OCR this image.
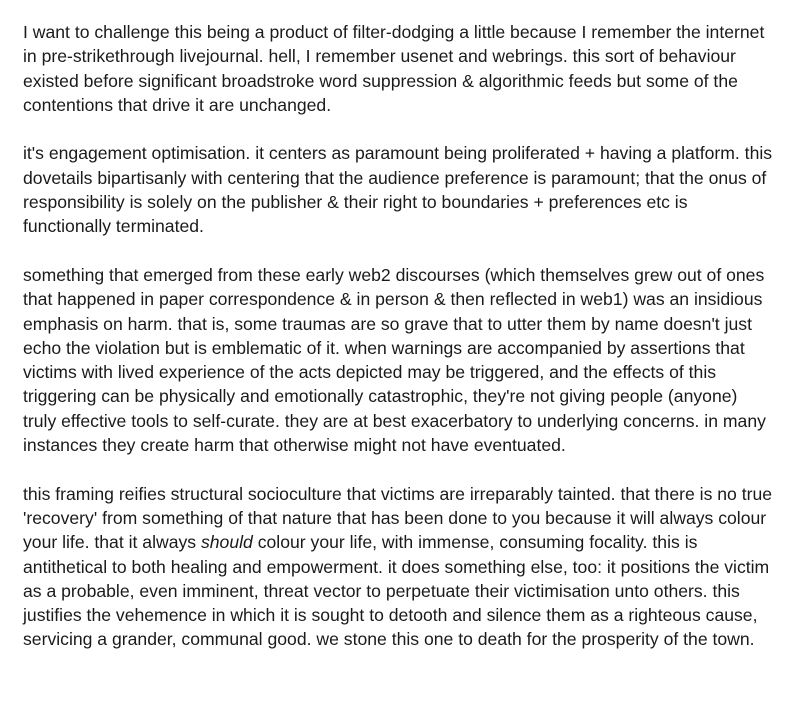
I want to challenge this being a product of filter-dodging a little because I remember the internet in pre-strikethrough livejournal. hell, I remember usenet and webrings. this sort of behaviour existed before significant broadstroke word suppression & algorithmic feeds but some of the contentions that drive it are unchanged.

it's engagement optimisation. it centers as paramount being proliferated + having a platform. this dovetails bipartisanly with centering that the audience preference is paramount; that the onus of responsibility is solely on the publisher & their right to boundaries + preferences etc is functionally terminated.

something that emerged from these early web2 discourses (which themselves grew out of ones that happened in paper correspondence & in person & then reflected in web1) was an insidious emphasis on harm. that is, some traumas are so grave that to utter them by name doesn't just echo the violation but is emblematic of it. when warnings are accompanied by assertions that victims with lived experience of the acts depicted may be triggered, and the effects of this triggering can be physically and emotionally catastrophic, they're not giving people (anyone) truly effective tools to self-curate. they are at best exacerbatory to underlying concerns. in many instances they create harm that otherwise might not have eventuated.

this framing reifies structural socioculture that victims are irreparably tainted. that there is no true 'recovery' from something of that nature that has been done to you because it will always colour your life. that it always should colour your life, with immense, consuming focality. this is antithetical to both healing and empowerment. it does something else, too: it positions the victim as a probable, even imminent, threat vector to perpetuate their victimisation unto others. this justifies the vehemence in which it is sought to detooth and silence them as a righteous cause, servicing a grander, communal good. we stone this one to death for the prosperity of the town.
